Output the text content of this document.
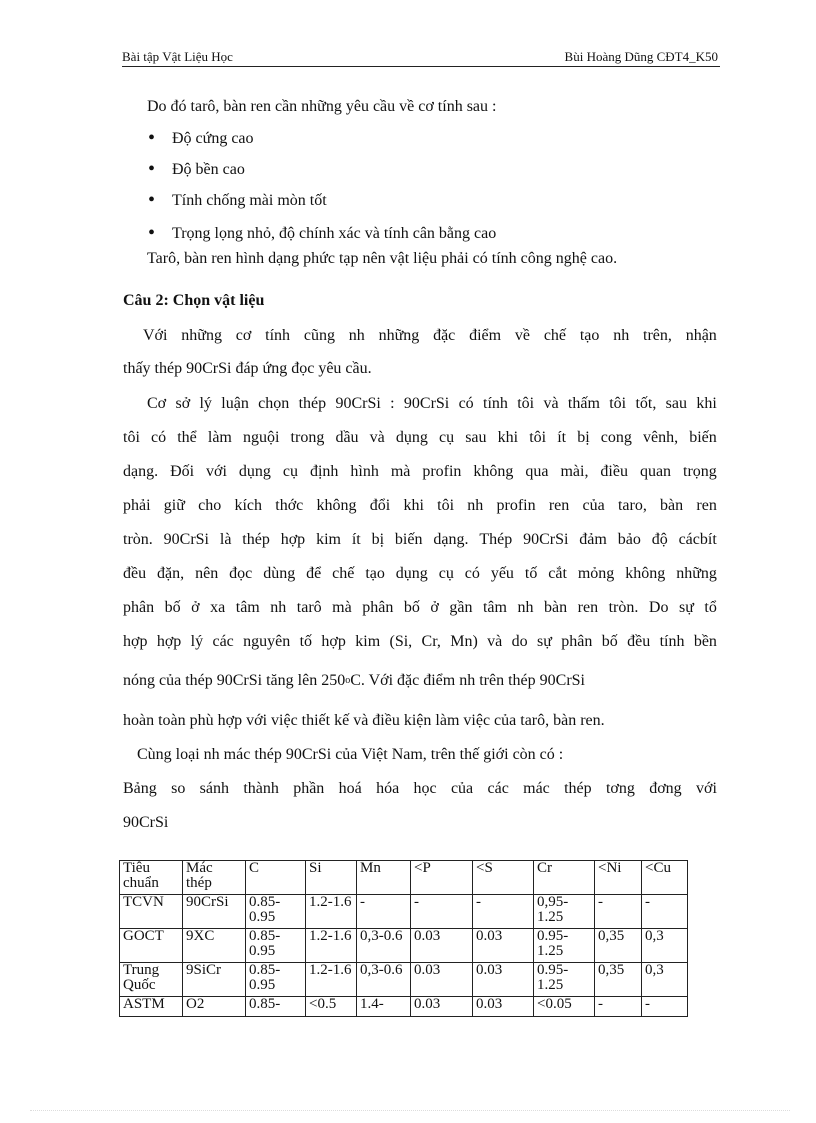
Bài tập Vật Liệu Học	Bùi Hoàng Dũng CĐT4_K50
Do đó tarô, bàn ren cần những yêu cầu về cơ tính sau :
• Độ cứng cao
• Độ bền cao
• Tính chống mài mòn tốt
• Trọng lọng nhỏ, độ chính xác và tính cân bằng cao
Tarô, bàn ren hình dạng phức tạp nên vật liệu phải có tính công nghệ cao.
Câu 2: Chọn vật liệu
Với những cơ tính cũng nh những đặc điểm về chế tạo nh trên, nhận
thấy thép 90CrSi đáp ứng đọc yêu cầu.
Cơ sở lý luận chọn thép 90CrSi : 90CrSi có tính tôi và thấm tôi tốt, sau khi
tôi có thể làm nguội trong dầu và dụng cụ sau khi tôi ít bị cong vênh, biến
dạng. Đối với dụng cụ định hình mà profin không qua mài, điều quan trọng
phải giữ cho kích thớc không đổi khi tôi nh profin ren của taro, bàn ren
tròn. 90CrSi là thép hợp kim ít bị biến dạng. Thép 90CrSi đảm bảo độ cácbít
đều đặn, nên đọc dùng để chế tạo dụng cụ có yếu tố cắt mỏng không những
phân bố ở xa tâm nh tarô mà phân bố ở gần tâm nh bàn ren tròn. Do sự tổ
hợp hợp lý các nguyên tố hợp kim (Si, Cr, Mn) và do sự phân bố đều tính bền
nóng của thép 90CrSi tăng lên 250$^o$C. Với đặc điểm nh trên thép 90CrSi
hoàn toàn phù hợp với việc thiết kế và điều kiện làm việc của tarô, bàn ren.
Cùng loại nh mác thép 90CrSi của Việt Nam, trên thế giới còn có :
Bảng so sánh thành phần hoá hóa học của các mác thép tơng đơng với
90CrSi
Tiêu chuẩn	Mác thép	C	Si	Mn	<P	<S	Cr	<Ni	<Cu
TCVN	90CrSi	0.85-0.95	1.2-1.6	-	-	-	0,95-1.25	-	-
GOCT	9XC	0.85-0.95	1.2-1.6	0,3-0.6	0.03	0.03	0.95-1.25	0,35	0,3
Trung Quốc	9SiCr	0.85-0.95	1.2-1.6	0,3-0.6	0.03	0.03	0.95-1.25	0,35	0,3
ASTM	O2	0.85-	<0.5	1.4-	0.03	0.03	<0.05	-	-
